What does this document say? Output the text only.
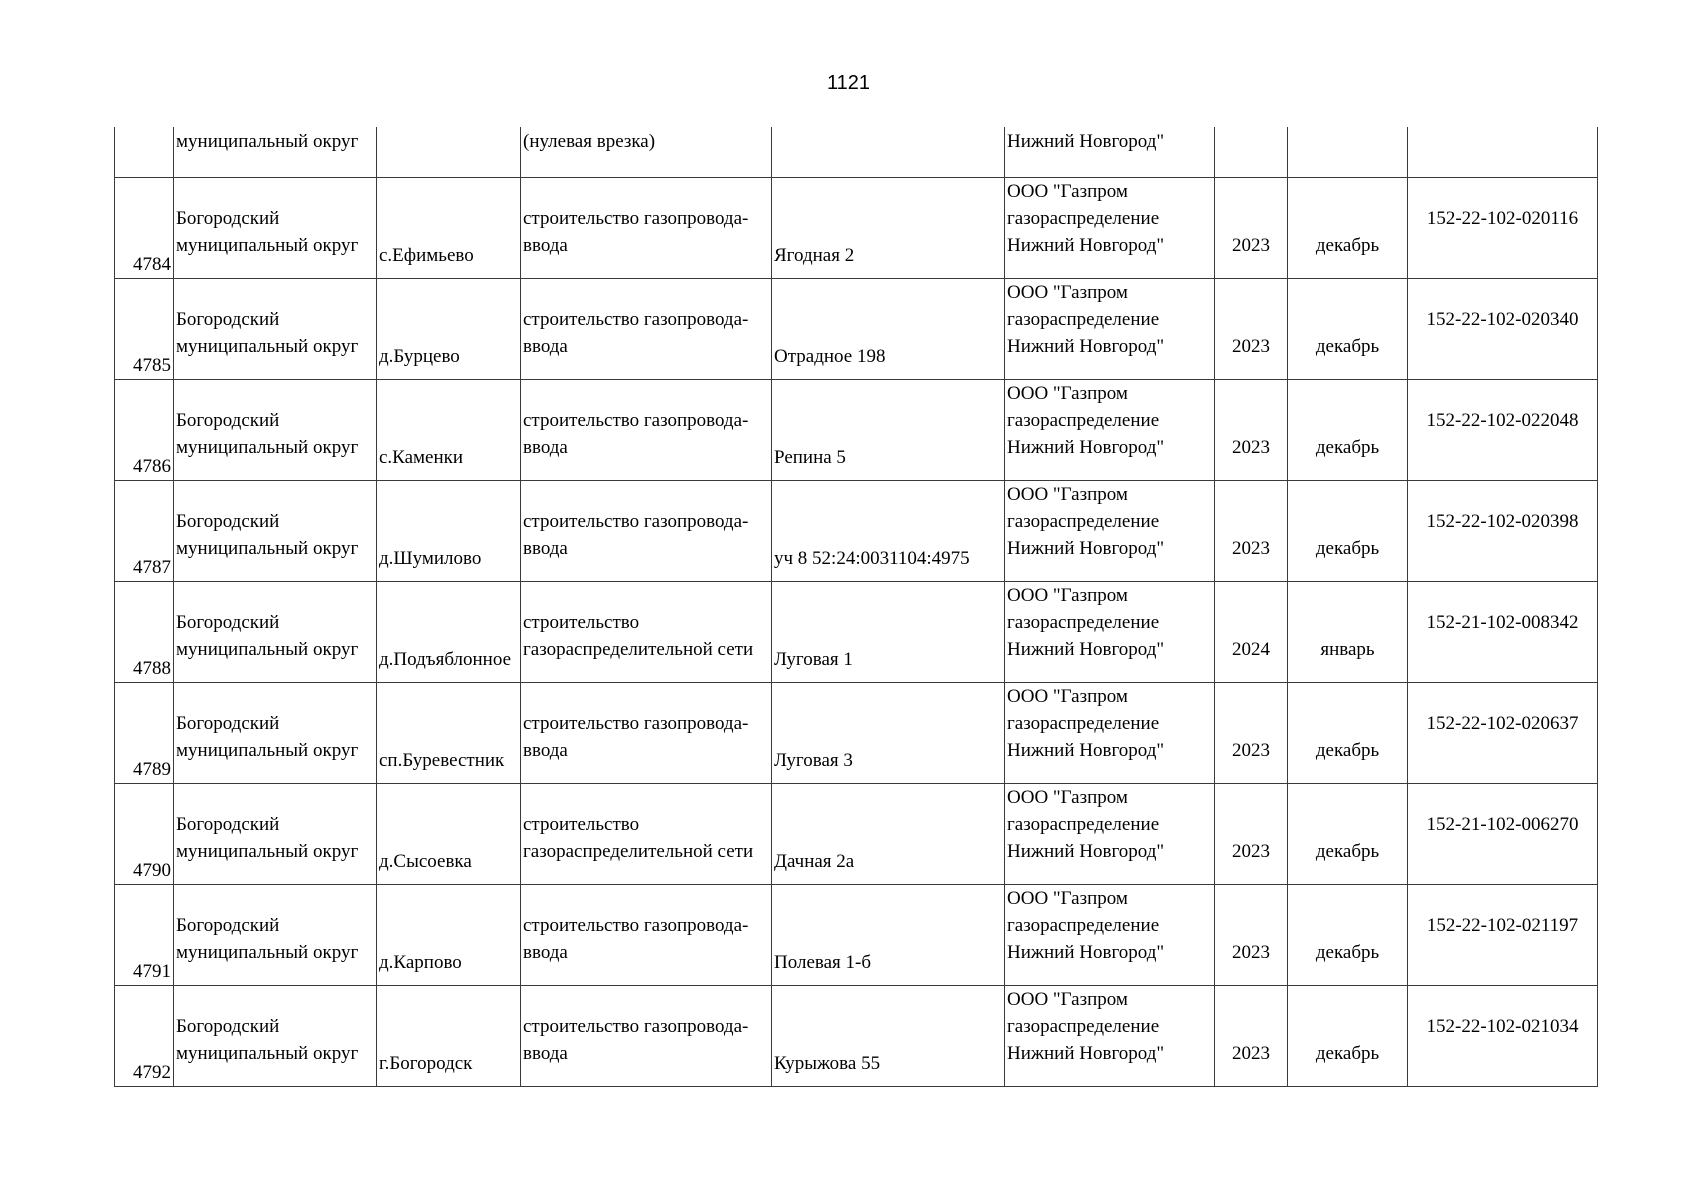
1121
	муниципальный округ		(нулевая врезка)		Нижний Новгород"			
4784	Богородский
муниципальный округ	с.Ефимьево	строительство газопровода-
ввода	Ягодная 2	ООО "Газпром
газораспределение
Нижний Новгород"	2023	декабрь	152-22-102-020116

4785	Богородский
муниципальный округ	д.Бурцево	строительство газопровода-
ввода	Отрадное 198	ООО "Газпром
газораспределение
Нижний Новгород"	2023	декабрь	152-22-102-020340

4786	Богородский
муниципальный округ	с.Каменки	строительство газопровода-
ввода	Репина 5	ООО "Газпром
газораспределение
Нижний Новгород"	2023	декабрь	152-22-102-022048

4787	Богородский
муниципальный округ	д.Шумилово	строительство газопровода-
ввода	уч 8 52:24:0031104:4975	ООО "Газпром
газораспределение
Нижний Новгород"	2023	декабрь	152-22-102-020398

4788	Богородский
муниципальный округ	д.Подъяблонное	строительство
газораспределительной сети	Луговая 1	ООО "Газпром
газораспределение
Нижний Новгород"	2024	январь	152-21-102-008342

4789	Богородский
муниципальный округ	сп.Буревестник	строительство газопровода-
ввода	Луговая 3	ООО "Газпром
газораспределение
Нижний Новгород"	2023	декабрь	152-22-102-020637

4790	Богородский
муниципальный округ	д.Сысоевка	строительство
газораспределительной сети	Дачная 2а	ООО "Газпром
газораспределение
Нижний Новгород"	2023	декабрь	152-21-102-006270

4791	Богородский
муниципальный округ	д.Карпово	строительство газопровода-
ввода	Полевая 1-б	ООО "Газпром
газораспределение
Нижний Новгород"	2023	декабрь	152-22-102-021197

4792	Богородский
муниципальный округ	г.Богородск	строительство газопровода-
ввода	Курыжова 55	ООО "Газпром
газораспределение
Нижний Новгород"	2023	декабрь	152-22-102-021034
